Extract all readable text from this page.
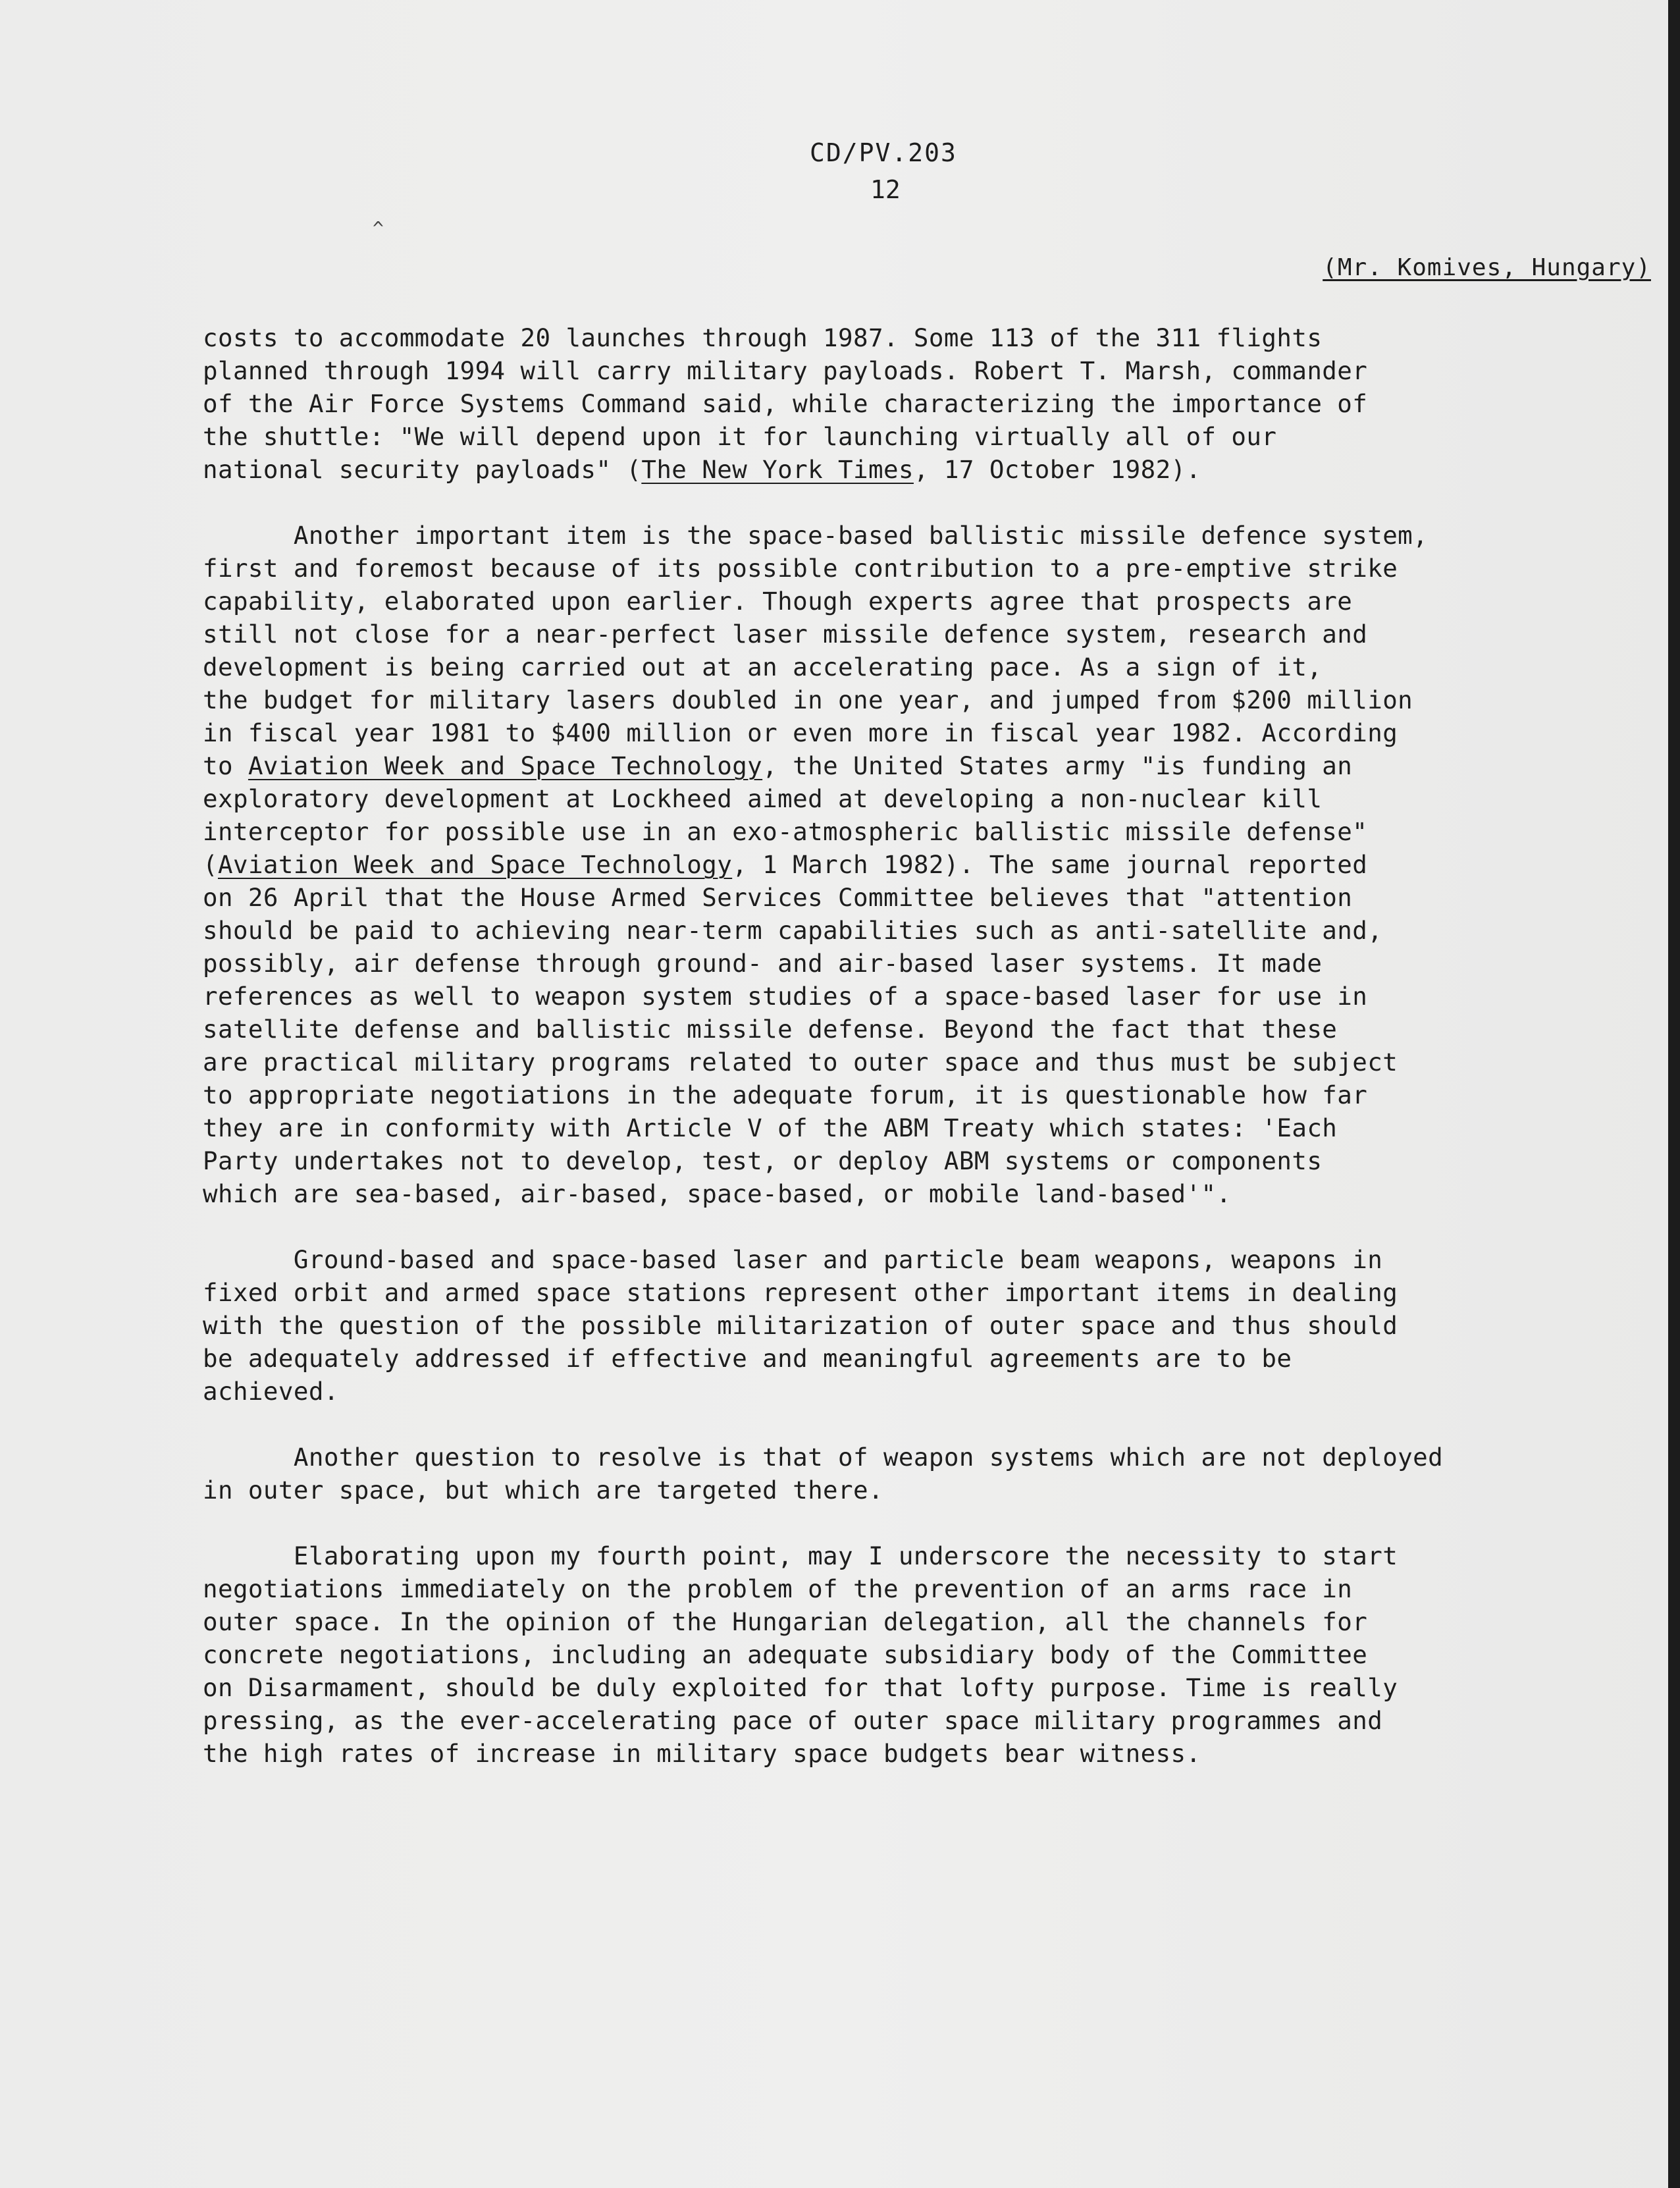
CD/PV.203
12
(Mr. Komives, Hungary)
^
costs to accommodate 20 launches through 1987. Some 113 of the 311 flights
planned through 1994 will carry military payloads. Robert T. Marsh, commander
of the Air Force Systems Command said, while characterizing the importance of
the shuttle: "We will depend upon it for launching virtually all of our
national security payloads" (The New York Times, 17 October 1982).
Another important item is the space-based ballistic missile defence system,
first and foremost because of its possible contribution to a pre-emptive strike
capability, elaborated upon earlier. Though experts agree that prospects are
still not close for a near-perfect laser missile defence system, research and
development is being carried out at an accelerating pace. As a sign of it,
the budget for military lasers doubled in one year, and jumped from $200 million
in fiscal year 1981 to $400 million or even more in fiscal year 1982. According
to Aviation Week and Space Technology, the United States army "is funding an
exploratory development at Lockheed aimed at developing a non-nuclear kill
interceptor for possible use in an exo-atmospheric ballistic missile defense"
(Aviation Week and Space Technology, 1 March 1982). The same journal reported
on 26 April that the House Armed Services Committee believes that "attention
should be paid to achieving near-term capabilities such as anti-satellite and,
possibly, air defense through ground- and air-based laser systems. It made
references as well to weapon system studies of a space-based laser for use in
satellite defense and ballistic missile defense. Beyond the fact that these
are practical military programs related to outer space and thus must be subject
to appropriate negotiations in the adequate forum, it is questionable how far
they are in conformity with Article V of the ABM Treaty which states: 'Each
Party undertakes not to develop, test, or deploy ABM systems or components
which are sea-based, air-based, space-based, or mobile land-based'".
Ground-based and space-based laser and particle beam weapons, weapons in
fixed orbit and armed space stations represent other important items in dealing
with the question of the possible militarization of outer space and thus should
be adequately addressed if effective and meaningful agreements are to be
achieved.
Another question to resolve is that of weapon systems which are not deployed
in outer space, but which are targeted there.
Elaborating upon my fourth point, may I underscore the necessity to start
negotiations immediately on the problem of the prevention of an arms race in
outer space. In the opinion of the Hungarian delegation, all the channels for
concrete negotiations, including an adequate subsidiary body of the Committee
on Disarmament, should be duly exploited for that lofty purpose. Time is really
pressing, as the ever-accelerating pace of outer space military programmes and
the high rates of increase in military space budgets bear witness.
